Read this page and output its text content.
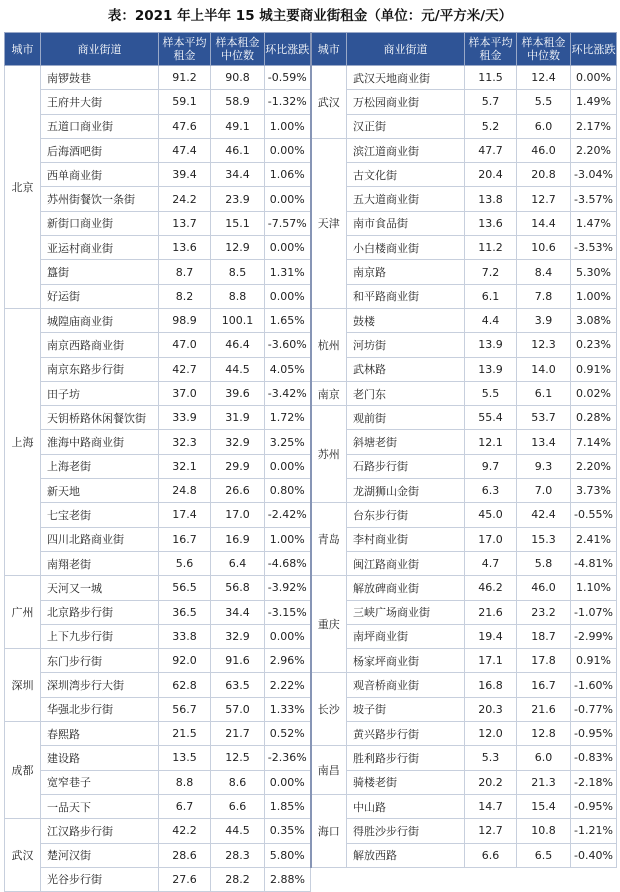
表：2021 年上半年 15 城主要商业街租金（单位：元/平方米/天）
城市	商业街道	样本平均租金	样本租金中位数	环比涨跌	城市	商业街道	样本平均租金	样本租金中位数	环比涨跌
北京	南锣鼓巷	91.2	90.8	-0.59%	武汉	武汉天地商业街	11.5	12.4	0.00%
	王府井大街	59.1	58.9	-1.32%		万松园商业街	5.7	5.5	1.49%
	五道口商业街	47.6	49.1	1.00%		汉正街	5.2	6.0	2.17%
	后海酒吧街	47.4	46.1	0.00%	天津	滨江道商业街	47.7	46.0	2.20%
	西单商业街	39.4	34.4	1.06%		古文化街	20.4	20.8	-3.04%
	苏州街餐饮一条街	24.2	23.9	0.00%		五大道商业街	13.8	12.7	-3.57%
	新街口商业街	13.7	15.1	-7.57%		南市食品街	13.6	14.4	1.47%
	亚运村商业街	13.6	12.9	0.00%		小白楼商业街	11.2	10.6	-3.53%
	簋街	8.7	8.5	1.31%		南京路	7.2	8.4	5.30%
	好运街	8.2	8.8	0.00%		和平路商业街	6.1	7.8	1.00%
上海	城隍庙商业街	98.9	100.1	1.65%	杭州	鼓楼	4.4	3.9	3.08%
	南京西路商业街	47.0	46.4	-3.60%		河坊街	13.9	12.3	0.23%
	南京东路步行街	42.7	44.5	4.05%		武林路	13.9	14.0	0.91%
	田子坊	37.0	39.6	-3.42%	南京	老门东	5.5	6.1	0.02%
	天钥桥路休闲餐饮街	33.9	31.9	1.72%	苏州	观前街	55.4	53.7	0.28%
	淮海中路商业街	32.3	32.9	3.25%		斜塘老街	12.1	13.4	7.14%
	上海老街	32.1	29.9	0.00%		石路步行街	9.7	9.3	2.20%
	新天地	24.8	26.6	0.80%		龙湖狮山金街	6.3	7.0	3.73%
	七宝老街	17.4	17.0	-2.42%	青岛	台东步行街	45.0	42.4	-0.55%
	四川北路商业街	16.7	16.9	1.00%		李村商业街	17.0	15.3	2.41%
	南翔老街	5.6	6.4	-4.68%		闽江路商业街	4.7	5.8	-4.81%
广州	天河又一城	56.5	56.8	-3.92%	重庆	解放碑商业街	46.2	46.0	1.10%
	北京路步行街	36.5	34.4	-3.15%		三峡广场商业街	21.6	23.2	-1.07%
	上下九步行街	33.8	32.9	0.00%		南坪商业街	19.4	18.7	-2.99%
深圳	东门步行街	92.0	91.6	2.96%		杨家坪商业街	17.1	17.8	0.91%
	深圳湾步行大街	62.8	63.5	2.22%	长沙	观音桥商业街	16.8	16.7	-1.60%
	华强北步行街	56.7	57.0	1.33%		坡子街	20.3	21.6	-0.77%
成都	春熙路	21.5	21.7	0.52%		黄兴路步行街	12.0	12.8	-0.95%
	建设路	13.5	12.5	-2.36%	南昌	胜利路步行街	5.3	6.0	-0.83%
	宽窄巷子	8.8	8.6	0.00%		骑楼老街	20.2	21.3	-2.18%
	一品天下	6.7	6.6	1.85%	海口	中山路	14.7	15.4	-0.95%
武汉	江汉路步行街	42.2	44.5	0.35%		得胜沙步行街	12.7	10.8	-1.21%
	楚河汉街	28.6	28.3	5.80%		解放西路	6.6	6.5	-0.40%
	光谷步行街	27.6	28.2	2.88%					
